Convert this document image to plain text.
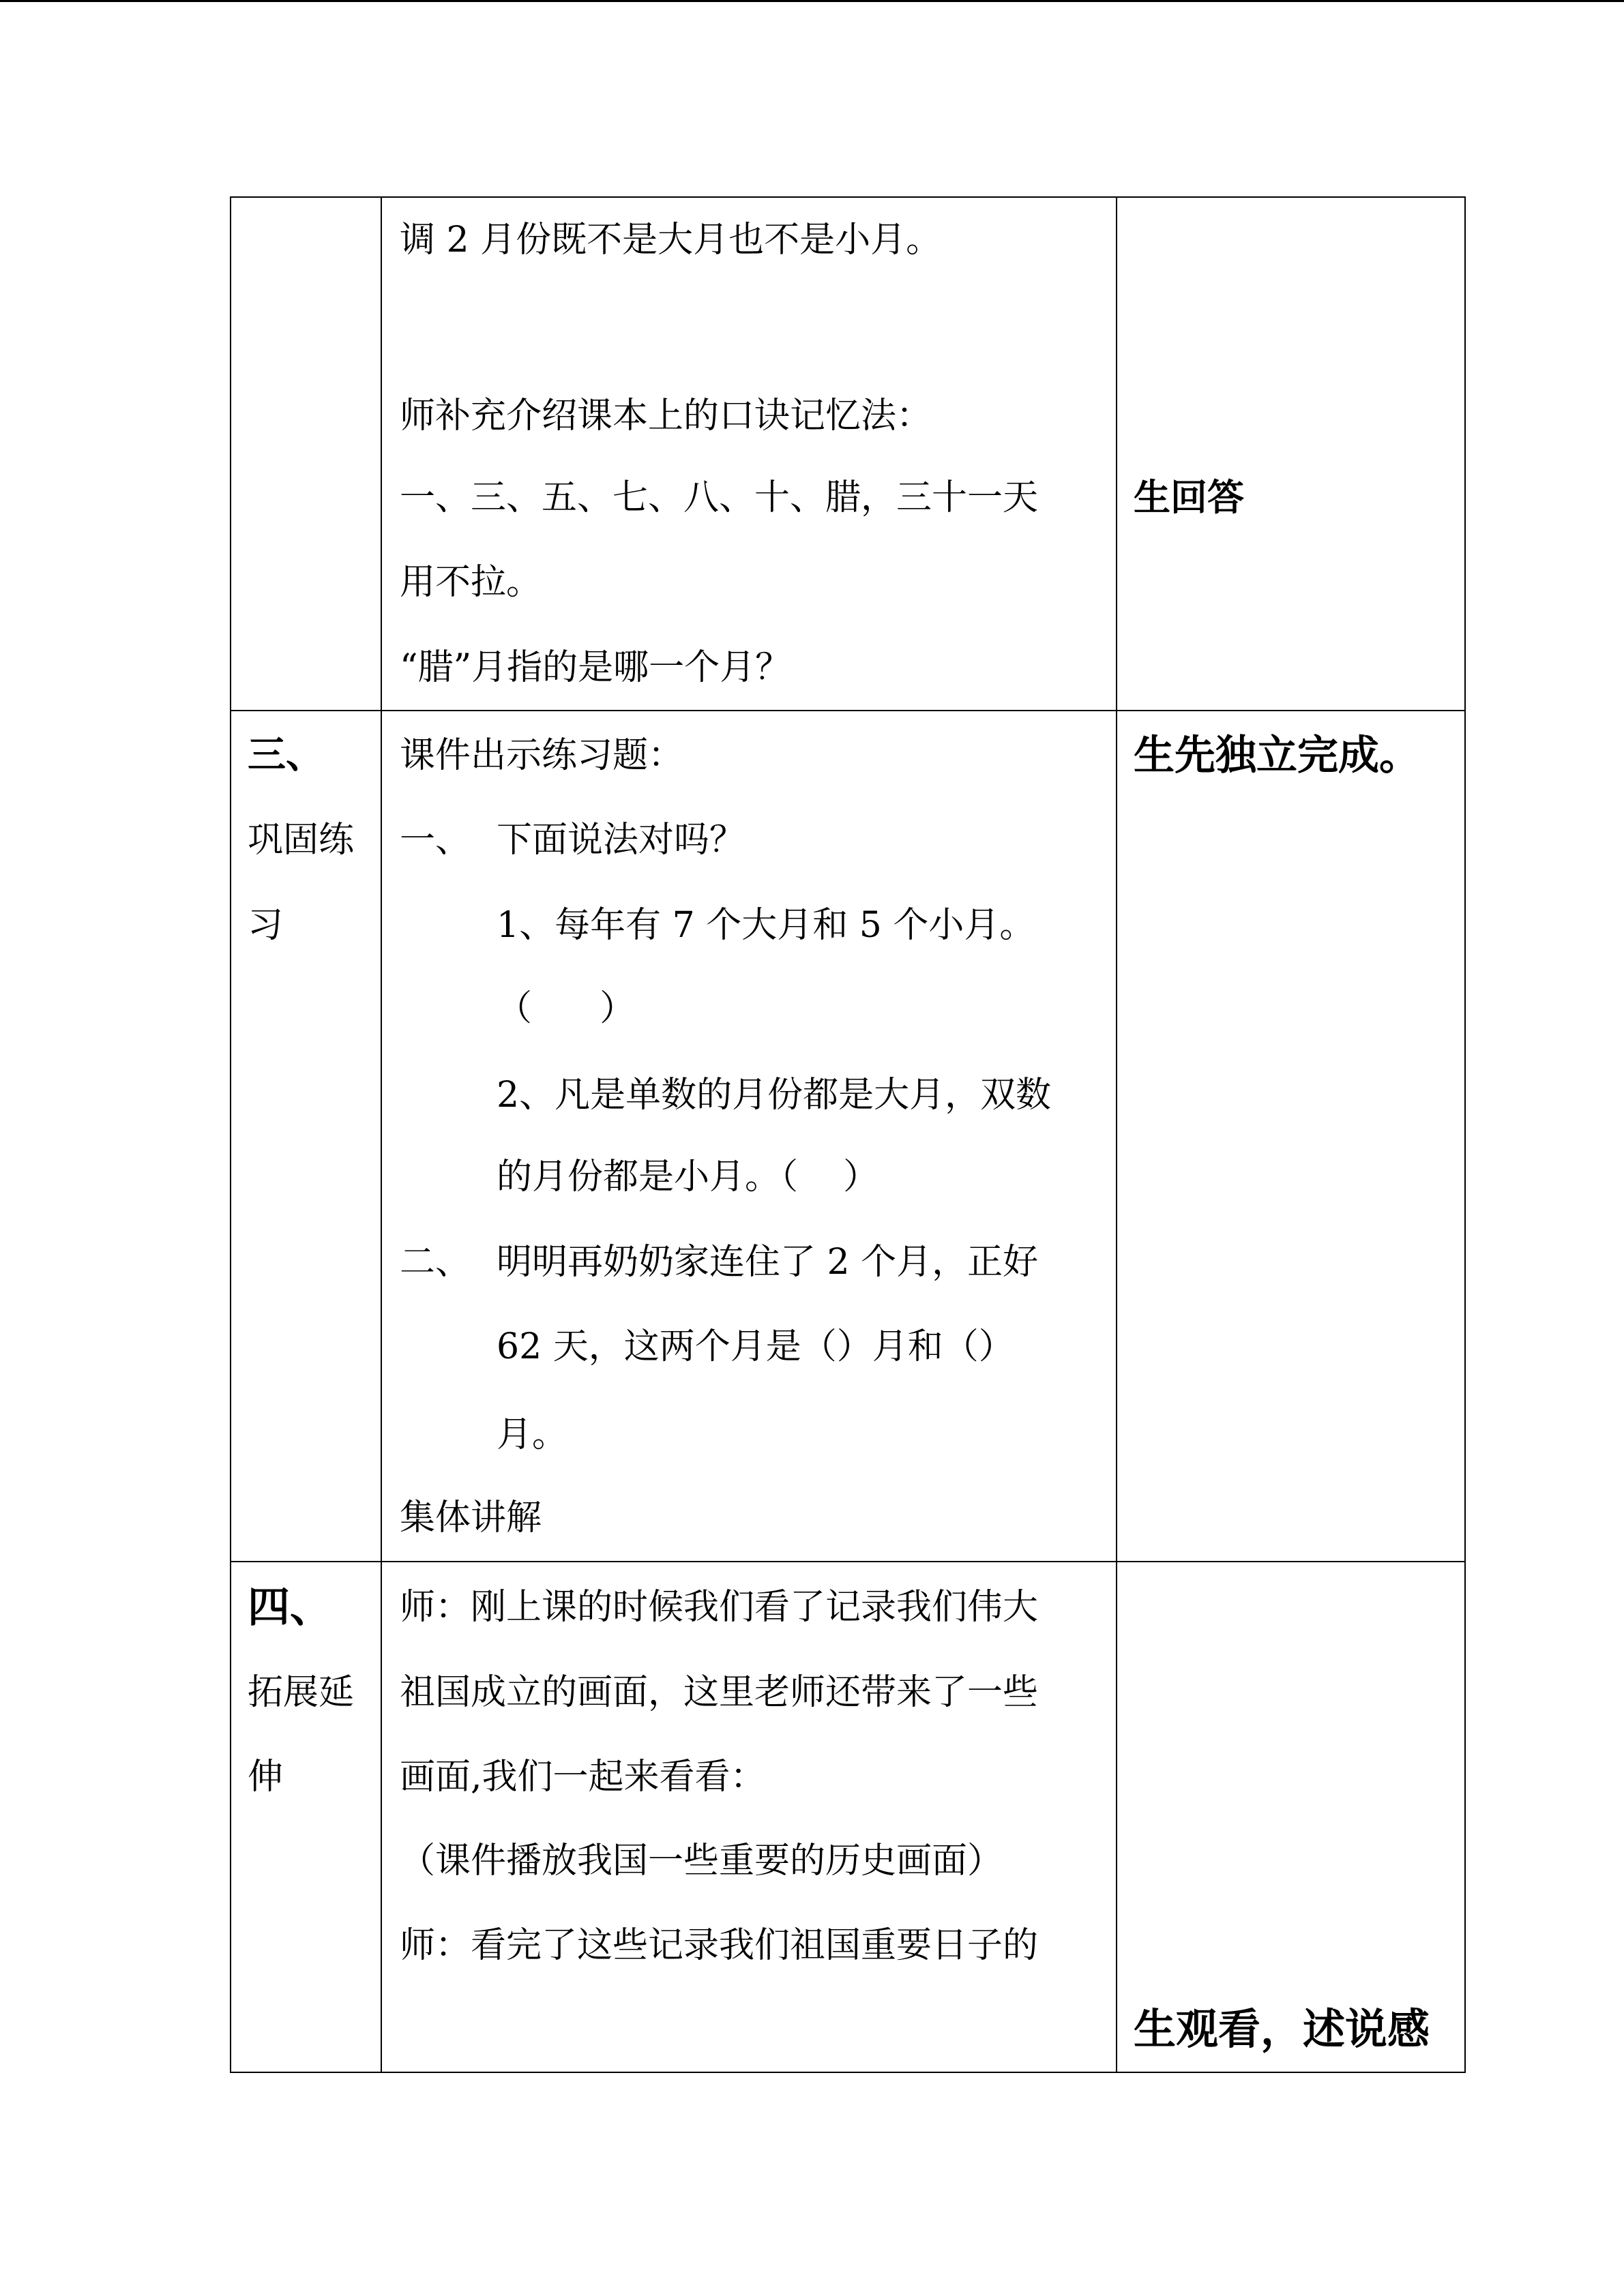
调 2 月份既不是大月也不是小月。
师补充介绍课本上的口诀记忆法：
一、三、五、七、八、十、腊，三十一天
用不拉。
“腊”月指的是哪一个月？
生回答
三、
巩固练
习
课件出示练习题：
一、 下面说法对吗？
1、每年有 7 个大月和 5 个小月。
（      ）
2、凡是单数的月份都是大月，双数
的月份都是小月。（    ）
二、 明明再奶奶家连住了 2 个月，正好
62 天，这两个月是（）月和（）
月。
集体讲解
生先独立完成。
四、
拓展延
伸
师：刚上课的时候我们看了记录我们伟大
祖国成立的画面，这里老师还带来了一些
画面,我们一起来看看：
（课件播放我国一些重要的历史画面）
师：看完了这些记录我们祖国重要日子的
生观看，述说感
